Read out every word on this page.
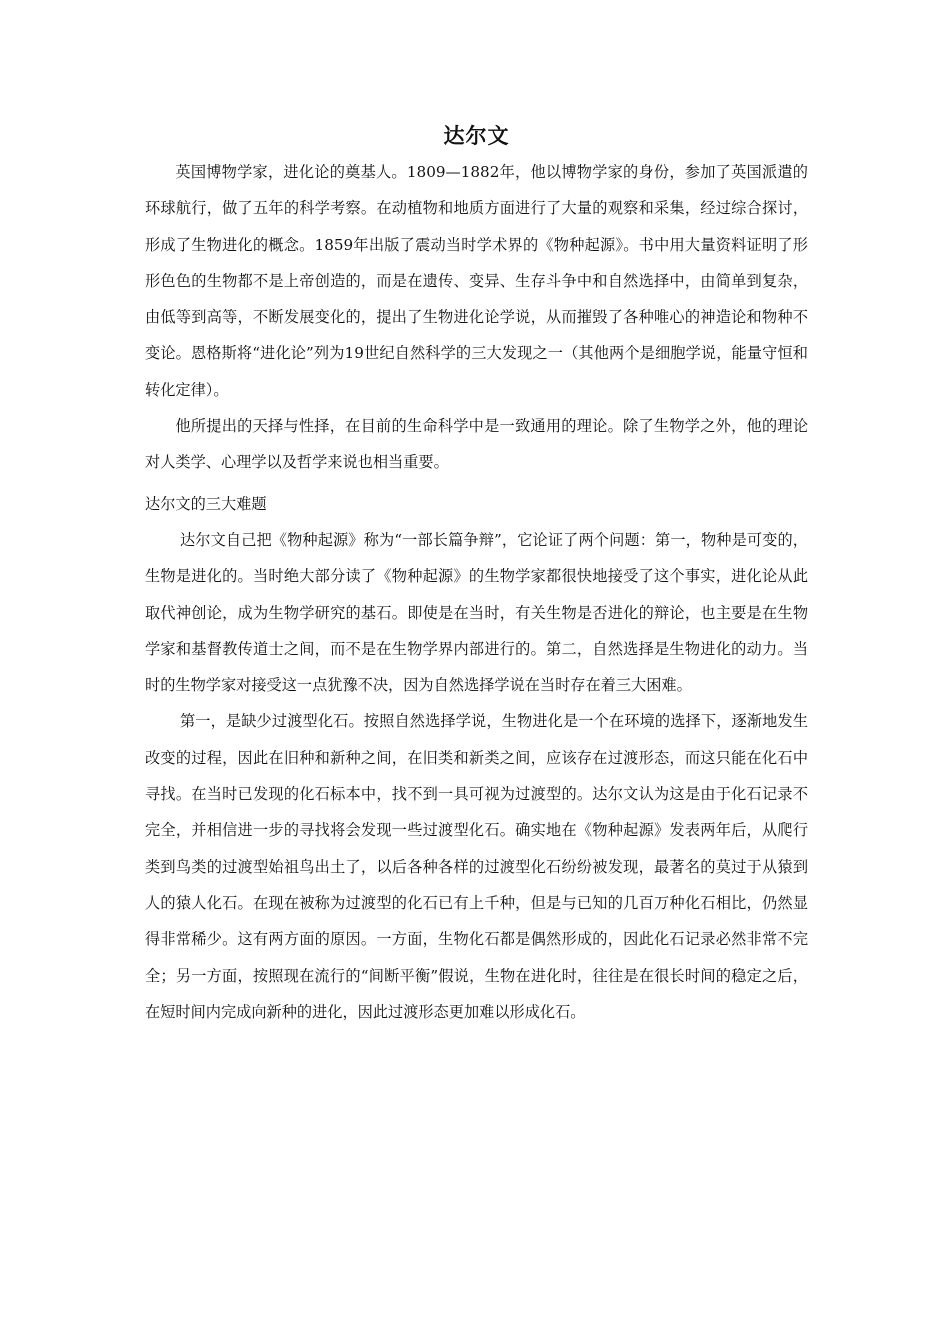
达尔文

英国博物学家，进化论的奠基人。1809—1882年，他以博物学家的身份，参加了英国派遣的环球航行，做了五年的科学考察。在动植物和地质方面进行了大量的观察和采集，经过综合探讨，形成了生物进化的概念。1859年出版了震动当时学术界的《物种起源》。书中用大量资料证明了形形色色的生物都不是上帝创造的，而是在遗传、变异、生存斗争中和自然选择中，由简单到复杂，由低等到高等，不断发展变化的，提出了生物进化论学说，从而摧毁了各种唯心的神造论和物种不变论。恩格斯将“进化论”列为19世纪自然科学的三大发现之一（其他两个是细胞学说，能量守恒和转化定律）。

他所提出的天择与性择，在目前的生命科学中是一致通用的理论。除了生物学之外，他的理论对人类学、心理学以及哲学来说也相当重要。

达尔文的三大难题

达尔文自己把《物种起源》称为“一部长篇争辩”，它论证了两个问题：第一，物种是可变的，生物是进化的。当时绝大部分读了《物种起源》的生物学家都很快地接受了这个事实，进化论从此取代神创论，成为生物学研究的基石。即使是在当时，有关生物是否进化的辩论，也主要是在生物学家和基督教传道士之间，而不是在生物学界内部进行的。第二，自然选择是生物进化的动力。当时的生物学家对接受这一点犹豫不决，因为自然选择学说在当时存在着三大困难。

第一，是缺少过渡型化石。按照自然选择学说，生物进化是一个在环境的选择下，逐渐地发生改变的过程，因此在旧种和新种之间，在旧类和新类之间，应该存在过渡形态，而这只能在化石中寻找。在当时已发现的化石标本中，找不到一具可视为过渡型的。达尔文认为这是由于化石记录不完全，并相信进一步的寻找将会发现一些过渡型化石。确实地在《物种起源》发表两年后，从爬行类到鸟类的过渡型始祖鸟出土了，以后各种各样的过渡型化石纷纷被发现，最著名的莫过于从猿到人的猿人化石。在现在被称为过渡型的化石已有上千种，但是与已知的几百万种化石相比，仍然显得非常稀少。这有两方面的原因。一方面，生物化石都是偶然形成的，因此化石记录必然非常不完全；另一方面，按照现在流行的“间断平衡”假说，生物在进化时，往往是在很长时间的稳定之后，在短时间内完成向新种的进化，因此过渡形态更加难以形成化石。
